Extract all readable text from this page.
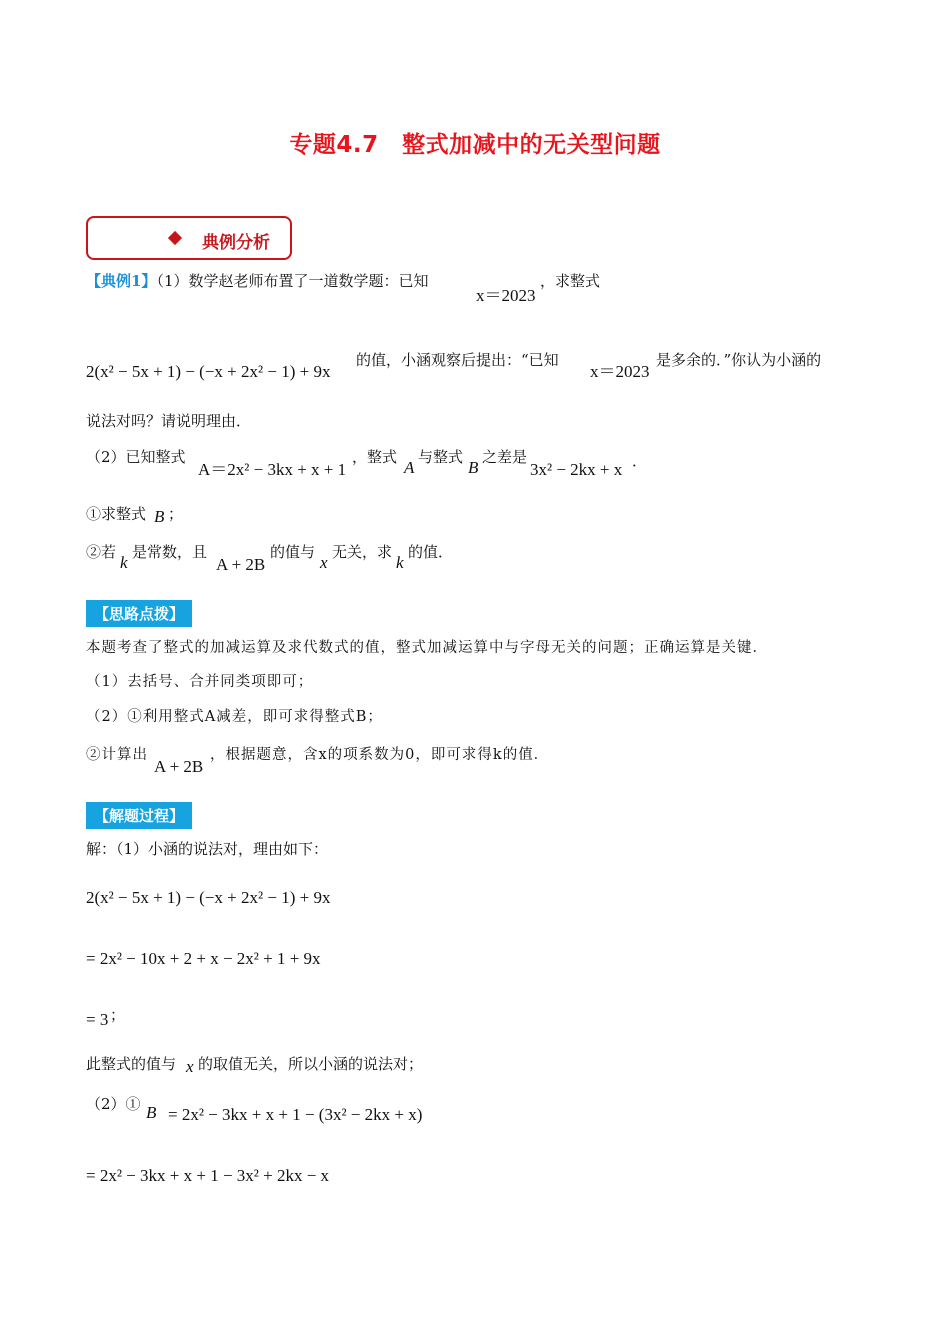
专题4.7　整式加减中的无关型问题
典例分析
【典例1】（1）数学赵老师布置了一道数学题：已知
x＝2023
，求整式
2(x² − 5x + 1) − (−x + 2x² − 1) + 9x
的值，小涵观察后提出：“已知
x＝2023
是多余的．”你认为小涵的
说法对吗？请说明理由．
（2）已知整式
A＝2x² − 3kx + x + 1
，整式
A
与整式
B
之差是
3x² − 2kx + x ．
①求整式 B ；
②若
k
是常数，且
A + 2B
的值与
x
无关，求
k
的值．
【思路点拨】
本题考查了整式的加减运算及求代数式的值，整式加减运算中与字母无关的问题；正确运算是关键．
（1）去括号、合并同类项即可；
（2）①利用整式A减差，即可求得整式B；
②计算出
A + 2B
，根据题意，含x的项系数为0，即可求得k的值．
【解题过程】
解：（1）小涵的说法对，理由如下：
2(x² − 5x + 1) − (−x + 2x² − 1) + 9x
= 2x² − 10x + 2 + x − 2x² + 1 + 9x
= 3 ；
此整式的值与 x 的取值无关，所以小涵的说法对；
（2）① B = 2x² − 3kx + x + 1 − (3x² − 2kx + x)
= 2x² − 3kx + x + 1 − 3x² + 2kx − x
